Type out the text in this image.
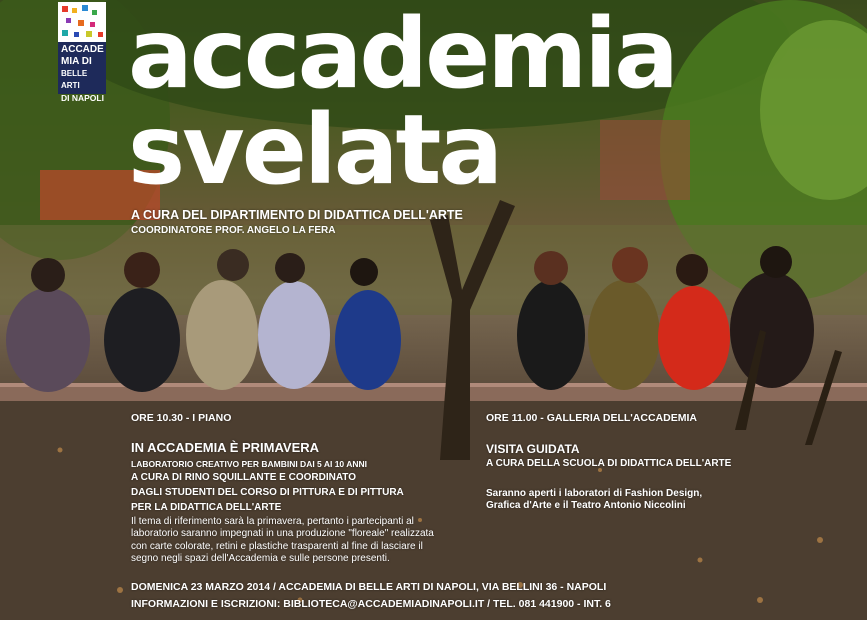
ACCADE
MIA DI
BELLE ARTI
DI NAPOLI accademia
svelata
A CURA DEL DIPARTIMENTO DI DIDATTICA DELL'ARTE
COORDINATORE PROF. ANGELO LA FERA
ORE 10.30 - I PIANO
IN ACCADEMIA È PRIMAVERA
LABORATORIO CREATIVO PER BAMBINI DAI 5 AI 10 ANNI
A CURA DI RINO SQUILLANTE E COORDINATO
DAGLI STUDENTI DEL CORSO DI PITTURA E DI PITTURA
PER LA DIDATTICA DELL'ARTE
Il tema di riferimento sarà la primavera, pertanto i partecipanti al
laboratorio saranno impegnati in una produzione "floreale" realizzata
con carte colorate, retini e plastiche trasparenti al fine di lasciare il
segno negli spazi dell'Accademia e sulle persone presenti.
ORE 11.00 - GALLERIA DELL'ACCADEMIA
VISITA GUIDATA
A CURA DELLA SCUOLA DI DIDATTICA DELL'ARTE
Saranno aperti i laboratori di Fashion Design,
Grafica d'Arte e il Teatro Antonio Niccolini
DOMENICA 23 MARZO 2014 / ACCADEMIA DI BELLE ARTI DI NAPOLI, VIA BELLINI 36 - NAPOLI
INFORMAZIONI E ISCRIZIONI: BIBLIOTECA@ACCADEMIADINAPOLI.IT / TEL. 081 441900 - INT. 6
